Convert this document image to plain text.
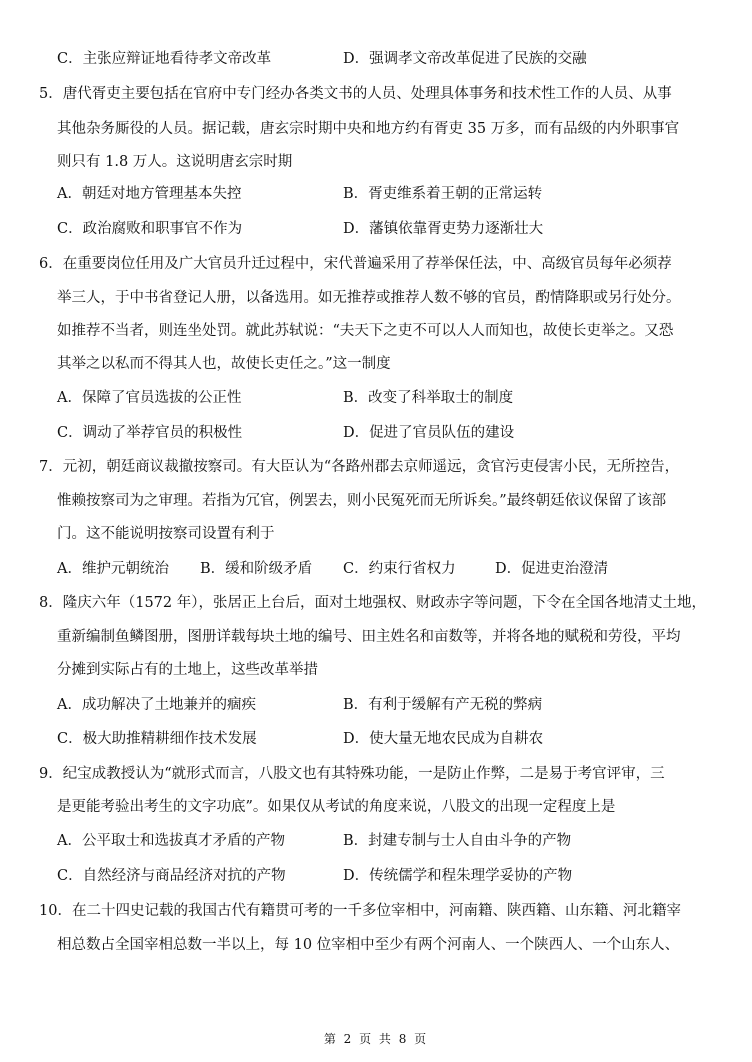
C．主张应辩证地看待孝文帝改革	D．强调孝文帝改革促进了民族的交融
5．唐代胥吏主要包括在官府中专门经办各类文书的人员、处理具体事务和技术性工作的人员、从事
其他杂务厮役的人员。据记载，唐玄宗时期中央和地方约有胥吏 35 万多，而有品级的内外职事官
则只有 1.8 万人。这说明唐玄宗时期
A．朝廷对地方管理基本失控	B．胥吏维系着王朝的正常运转
C．政治腐败和职事官不作为	D．藩镇依靠胥吏势力逐渐壮大
6．在重要岗位任用及广大官员升迁过程中，宋代普遍采用了荐举保任法，中、高级官员每年必须荐
举三人，于中书省登记人册，以备选用。如无推荐或推荐人数不够的官员，酌情降职或另行处分。
如推荐不当者，则连坐处罚。就此苏轼说：“夫天下之吏不可以人人而知也，故使长吏举之。又恐
其举之以私而不得其人也，故使长吏任之。”这一制度
A．保障了官员选拔的公正性	B．改变了科举取士的制度
C．调动了举荐官员的积极性	D．促进了官员队伍的建设
7．元初，朝廷商议裁撤按察司。有大臣认为“各路州郡去京师遥远，贪官污吏侵害小民，无所控告，
惟赖按察司为之审理。若指为冗官，例罢去，则小民冤死而无所诉矣。”最终朝廷依议保留了该部
门。这不能说明按察司设置有利于
A．维护元朝统治 B．缓和阶级矛盾 C．约束行省权力	D．促进吏治澄清
8．隆庆六年（1572 年），张居正上台后，面对土地强权、财政赤字等问题，下令在全国各地清丈土地，
重新编制鱼鳞图册，图册详载每块土地的编号、田主姓名和亩数等，并将各地的赋税和劳役，平均
分摊到实际占有的土地上，这些改革举措
A．成功解决了土地兼并的痼疾	B．有利于缓解有产无税的弊病
C．极大助推精耕细作技术发展	D．使大量无地农民成为自耕农
9．纪宝成教授认为“就形式而言，八股文也有其特殊功能，一是防止作弊，二是易于考官评审，三
是更能考验出考生的文字功底”。如果仅从考试的角度来说，八股文的出现一定程度上是
A．公平取士和选拔真才矛盾的产物	B．封建专制与士人自由斗争的产物
C．自然经济与商品经济对抗的产物	D．传统儒学和程朱理学妥协的产物
10．在二十四史记载的我国古代有籍贯可考的一千多位宰相中，河南籍、陕西籍、山东籍、河北籍宰
相总数占全国宰相总数一半以上，每 10 位宰相中至少有两个河南人、一个陕西人、一个山东人、
第 2 页 共 8 页
